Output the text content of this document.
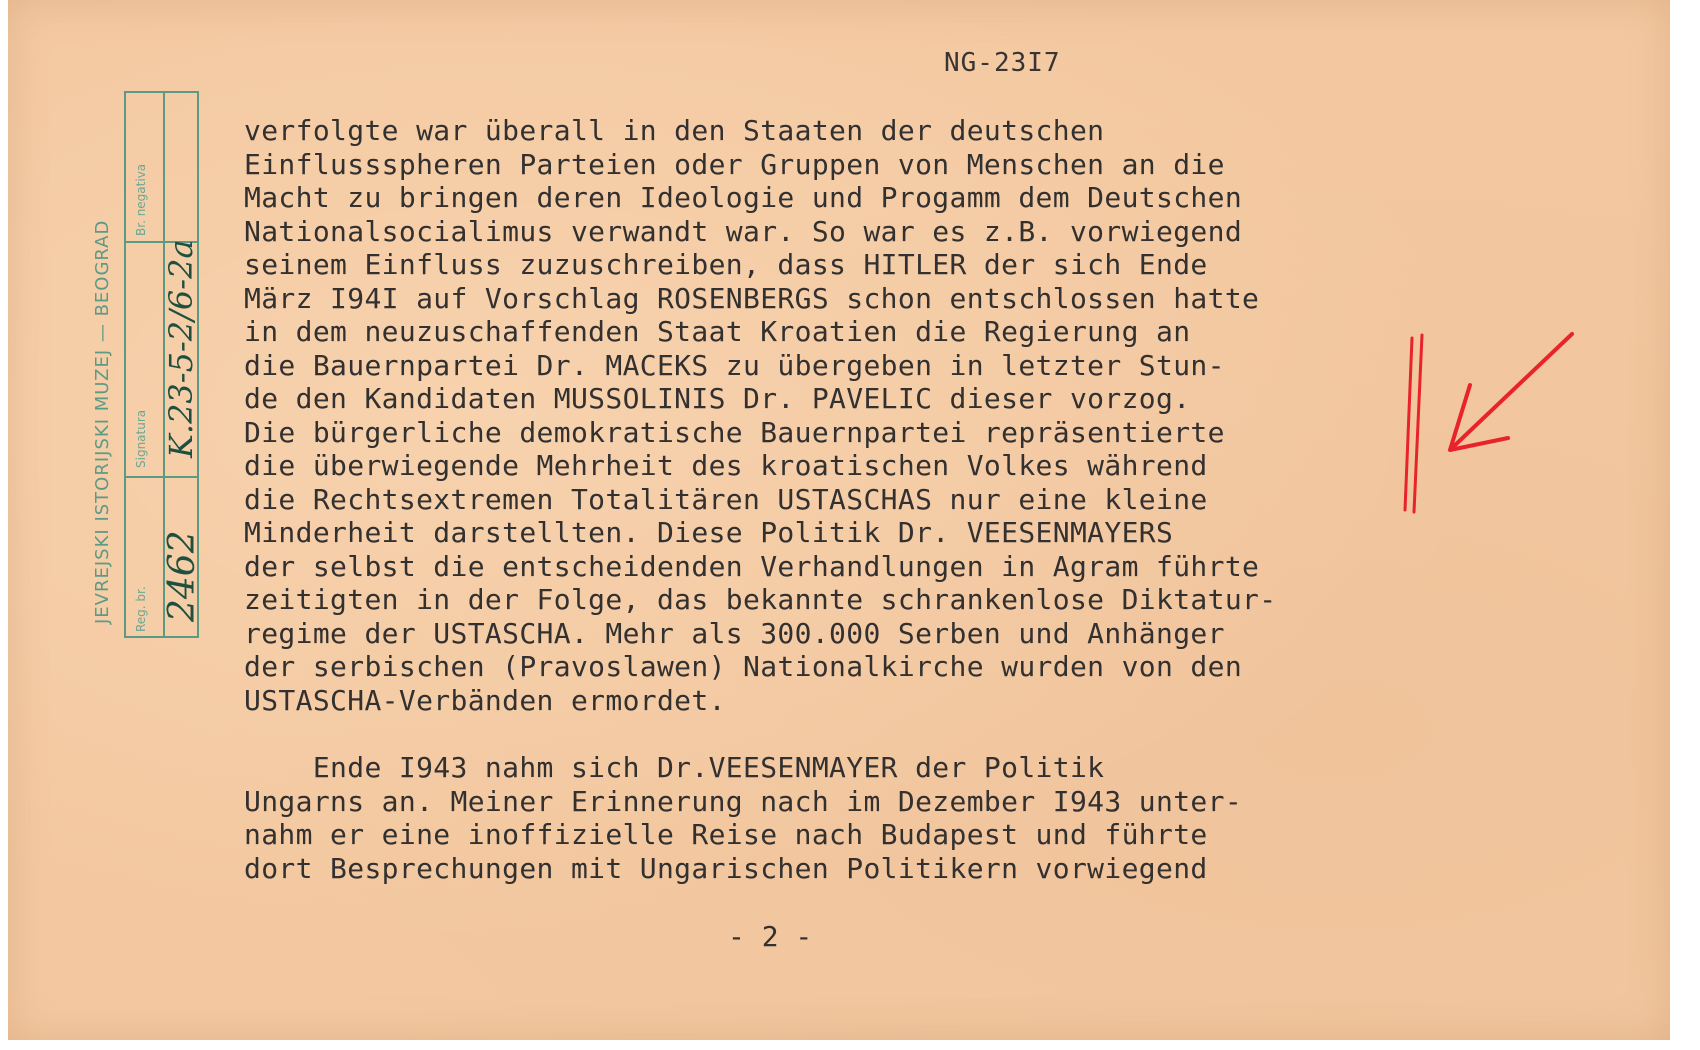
NG-23I7
verfolgte war überall in den Staaten der deutschen
Einflussspheren Parteien oder Gruppen von Menschen an die
Macht zu bringen deren Ideologie und Progamm dem Deutschen
Nationalsocialimus verwandt war. So war es z.B. vorwiegend
seinem Einfluss zuzuschreiben, dass HITLER der sich Ende
März I94I auf Vorschlag ROSENBERGS schon entschlossen hatte
in dem neuzuschaffenden Staat Kroatien die Regierung an
die Bauernpartei Dr. MACEKS zu übergeben in letzter Stun-
de den Kandidaten MUSSOLINIS Dr. PAVELIC dieser vorzog.
Die bürgerliche demokratische Bauernpartei repräsentierte
die überwiegende Mehrheit des kroatischen Volkes während
die Rechtsextremen Totalitären USTASCHAS nur eine kleine
Minderheit darstellten. Diese Politik Dr. VEESENMAYERS
der selbst die entscheidenden Verhandlungen in Agram führte
zeitigten in der Folge, das bekannte schrankenlose Diktatur-
regime der USTASCHA. Mehr als 300.000 Serben und Anhänger
der serbischen (Pravoslawen) Nationalkirche wurden von den
USTASCHA-Verbänden ermordet.
Ende I943 nahm sich Dr.VEESENMAYER der Politik
Ungarns an. Meiner Erinnerung nach im Dezember I943 unter-
nahm er eine inoffizielle Reise nach Budapest und führte
dort Besprechungen mit Ungarischen Politikern vorwiegend
- 2 -
JEVREJSKI ISTORIJSKI MUZEJ — BEOGRAD
Br. negativa
Signatura
Reg. br. 2462
K.23-5-2/6-2a
